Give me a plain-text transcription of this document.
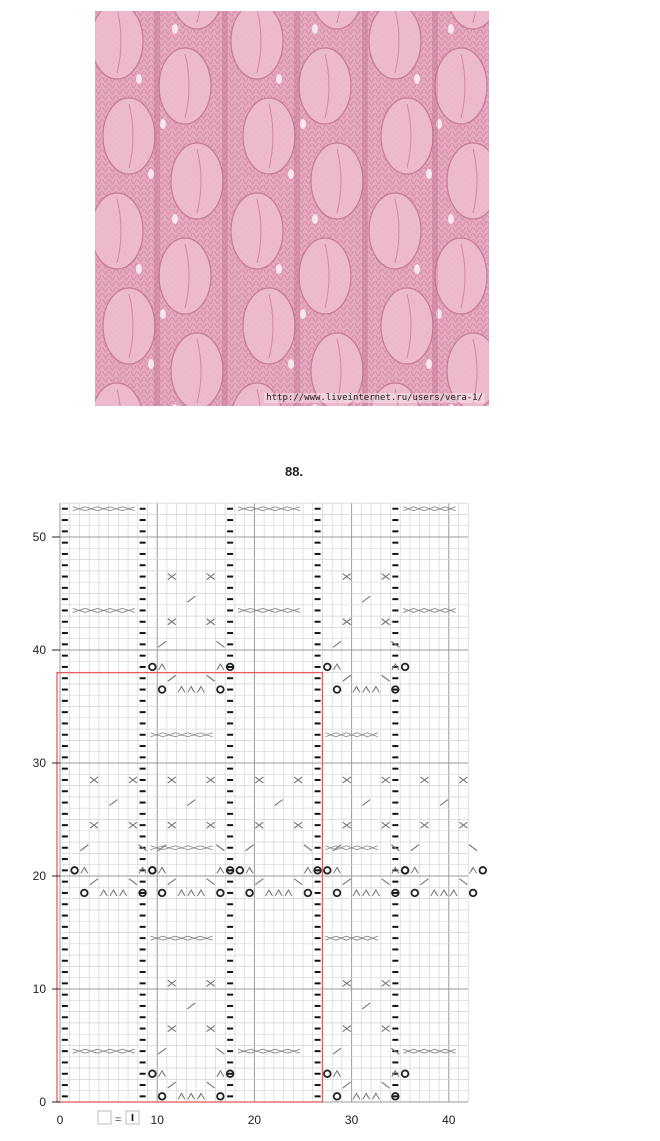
http://www.liveinternet.ru/users/vera-1/
88.
0	10	20	30	40
0
10
20
30
40
50
=
